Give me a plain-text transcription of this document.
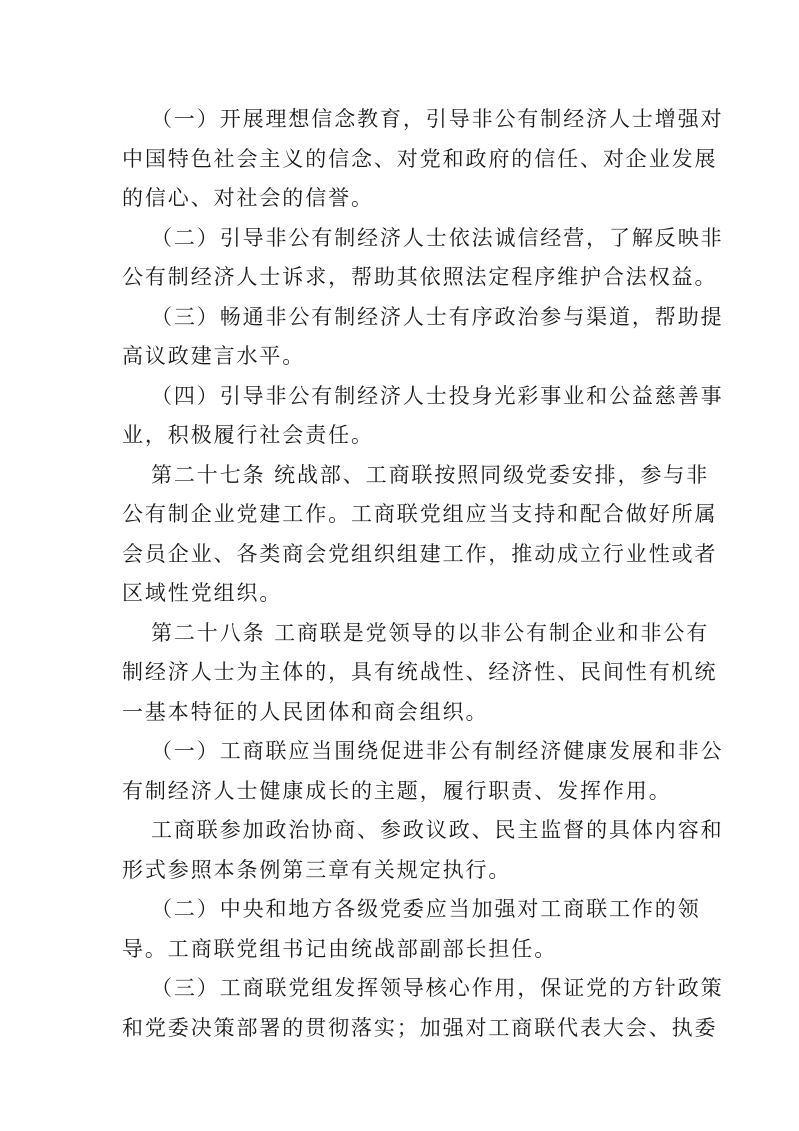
（一）开展理想信念教育，引导非公有制经济人士增强对
中国特色社会主义的信念、对党和政府的信任、对企业发展
的信心、对社会的信誉。
（二）引导非公有制经济人士依法诚信经营，了解反映非
公有制经济人士诉求，帮助其依照法定程序维护合法权益。
（三）畅通非公有制经济人士有序政治参与渠道，帮助提
高议政建言水平。
（四）引导非公有制经济人士投身光彩事业和公益慈善事
业，积极履行社会责任。
第二十七条 统战部、工商联按照同级党委安排，参与非
公有制企业党建工作。工商联党组应当支持和配合做好所属
会员企业、各类商会党组织组建工作，推动成立行业性或者
区域性党组织。
第二十八条 工商联是党领导的以非公有制企业和非公有
制经济人士为主体的，具有统战性、经济性、民间性有机统
一基本特征的人民团体和商会组织。
（一）工商联应当围绕促进非公有制经济健康发展和非公
有制经济人士健康成长的主题，履行职责、发挥作用。
工商联参加政治协商、参政议政、民主监督的具体内容和
形式参照本条例第三章有关规定执行。
（二）中央和地方各级党委应当加强对工商联工作的领
导。工商联党组书记由统战部副部长担任。
（三）工商联党组发挥领导核心作用，保证党的方针政策
和党委决策部署的贯彻落实；加强对工商联代表大会、执委
